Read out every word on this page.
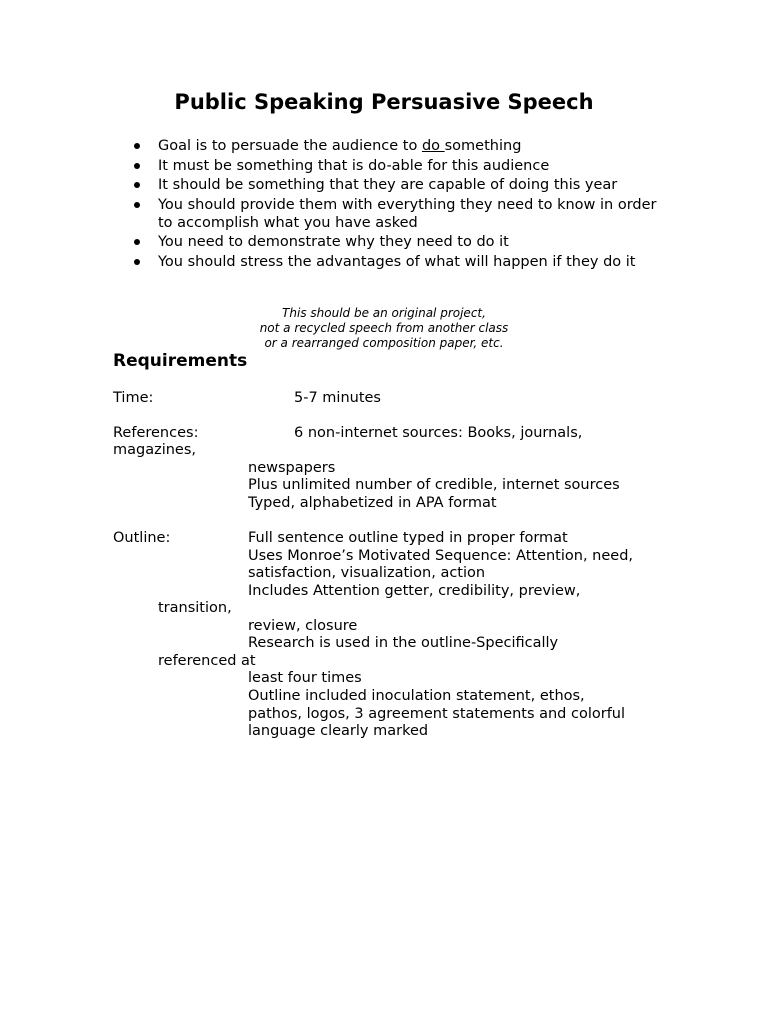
Public Speaking Persuasive Speech
Goal is to persuade the audience to do something
It must be something that is do-able for this audience
It should be something that they are capable of doing this year
You should provide them with everything they need to know in order to accomplish what you have asked
You need to demonstrate why they need to do it
You should stress the advantages of what will happen if they do it
This should be an original project,
not a recycled speech from another class
or a rearranged composition paper, etc.
Requirements
Time:	5-7 minutes
References:	6 non-internet sources: Books, journals,
magazines,
newspapers
Plus unlimited number of credible, internet sources
Typed, alphabetized in APA format
Outline:	Full sentence outline typed in proper format
Uses Monroe’s Motivated Sequence: Attention, need,
satisfaction, visualization, action
Includes Attention getter, credibility, preview,
transition,
review, closure
Research is used in the outline-Specifically
referenced at
least four times
Outline included inoculation statement, ethos,
pathos, logos, 3 agreement statements and colorful
language clearly marked
